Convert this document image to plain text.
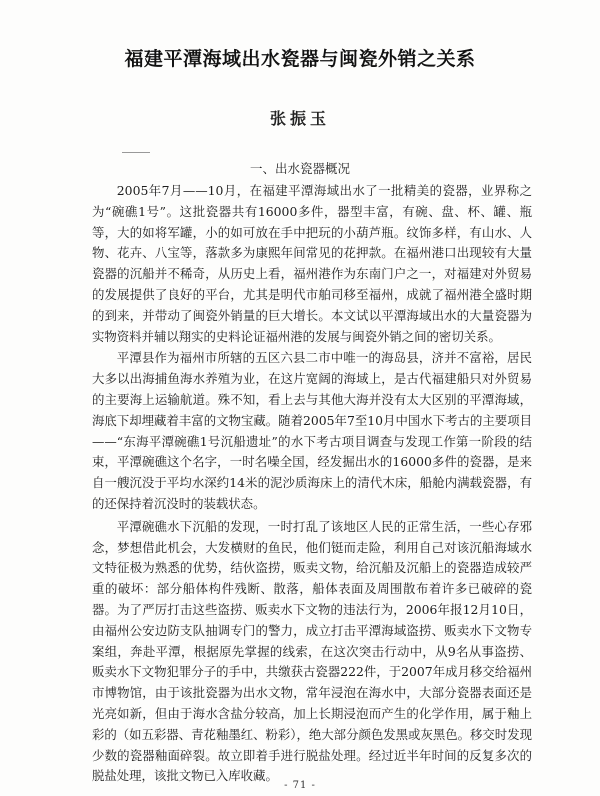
福建平潭海域出水瓷器与闽瓷外销之关系
张振玉
一、出水瓷器概况

2005年7月——10月，在福建平潭海域出水了一批精美的瓷器，业界称之为“碗礁1号”。这批瓷器共有16000多件，器型丰富，有碗、盘、杯、罐、瓶等，大的如将军罐，小的如可放在手中把玩的小葫芦瓶。纹饰多样，有山水、人物、花卉、八宝等，落款多为康熙年间常见的花押款。在福州港口出现较有大量瓷器的沉船并不稀奇，从历史上看，福州港作为东南门户之一，对福建对外贸易的发展提供了良好的平台，尤其是明代市舶司移至福州，成就了福州港全盛时期的到来，并带动了闽瓷外销量的巨大增长。本文试以平潭海域出水的大量瓷器为实物资料并辅以翔实的史料论证福州港的发展与闽瓷外销之间的密切关系。

平潭县作为福州市所辖的五区六县二市中唯一的海岛县，济并不富裕，居民大多以出海捕鱼海水养殖为业，在这片宽阔的海域上，是古代福建船只对外贸易的主要海上运输航道。殊不知，看上去与其他大海并没有太大区别的平潭海域，海底下却埋藏着丰富的文物宝藏。随着2005年7至10月中国水下考古的主要项目——“东海平潭碗礁1号沉船遗址”的水下考古项目调查与发现工作第一阶段的结束，平潭碗礁这个名字，一时名噪全国，经发掘出水的16000多件的瓷器，是来自一艘沉没于平均水深约14米的泥沙质海床上的清代木床，船舱内满载瓷器，有的还保持着沉没时的装载状态。

平潭碗礁水下沉船的发现，一时打乱了该地区人民的正常生活，一些心存邪念，梦想借此机会，大发横财的鱼民，他们铤而走险，利用自己对该沉船海域水文特征极为熟悉的优势，结伙盗捞，贩卖文物，给沉船及沉船上的瓷器造成较严重的破坏：部分船体构件残断、散落，船体表面及周围散布着许多已破碎的瓷器。为了严厉打击这些盗捞、贩卖水下文物的违法行为，2006年报12月10日，由福州公安边防支队抽调专门的警力，成立打击平潭海域盗捞、贩卖水下文物专案组，奔赴平潭，根据原先掌握的线索，在这次突击行动中，从9名从事盗捞、贩卖水下文物犯罪分子的手中，共缴获古瓷器222件，于2007年成月移交给福州市博物馆，由于该批瓷器为出水文物，常年浸泡在海水中，大部分瓷器表面还是光亮如新，但由于海水含盐分较高，加上长期浸泡而产生的化学作用，属于釉上彩的（如五彩器、青花釉墨红、粉彩），绝大部分颜色发黑或灰黑色。移交时发现少数的瓷器釉面碎裂。故立即着手进行脱盐处理。经过近半年时间的反复多次的脱盐处理，该批文物已入库收藏。

- 71 -
